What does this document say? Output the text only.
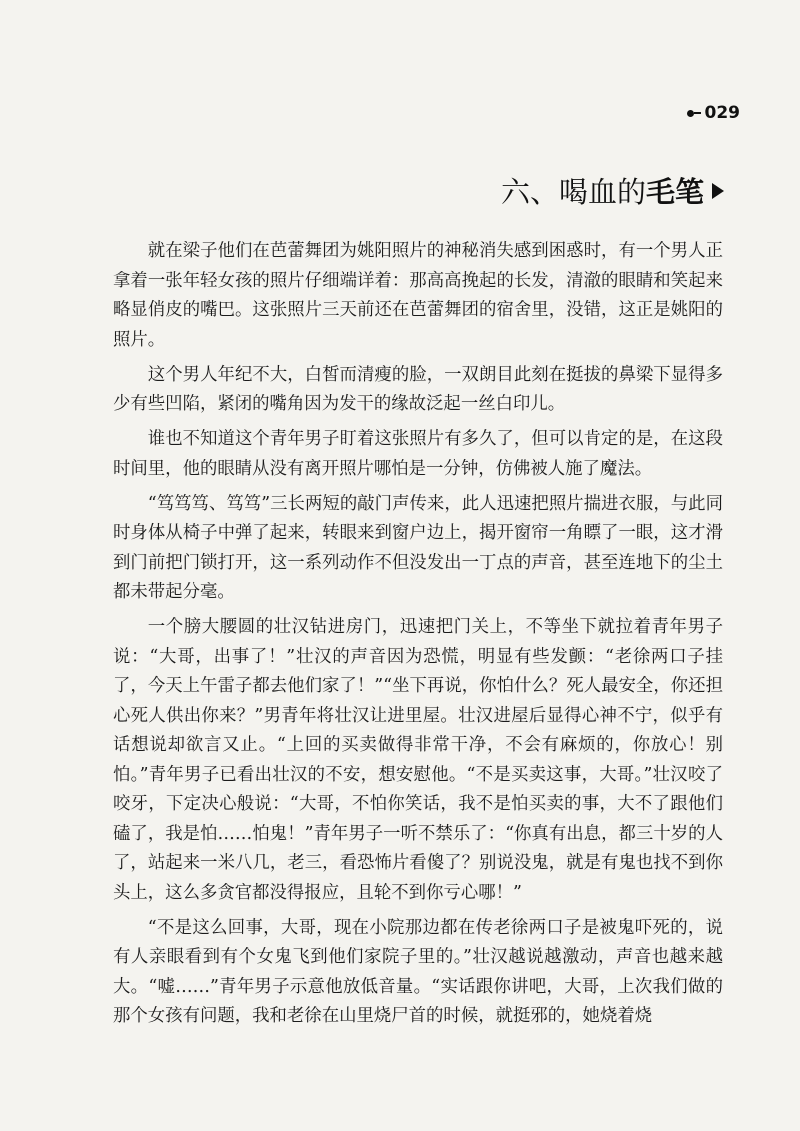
029
六、喝血的 毛笔

就在梁子他们在芭蕾舞团为姚阳照片的神秘消失感到困惑时，有一个男人正拿着一张年轻女孩的照片仔细端详着：那高高挽起的长发，清澈的眼睛和笑起来略显俏皮的嘴巴。这张照片三天前还在芭蕾舞团的宿舍里，没错，这正是姚阳的照片。

这个男人年纪不大，白皙而清瘦的脸，一双朗目此刻在挺拔的鼻梁下显得多少有些凹陷，紧闭的嘴角因为发干的缘故泛起一丝白印儿。

谁也不知道这个青年男子盯着这张照片有多久了，但可以肯定的是，在这段时间里，他的眼睛从没有离开照片哪怕是一分钟，仿佛被人施了魔法。

“笃笃笃、笃笃”三长两短的敲门声传来，此人迅速把照片揣进衣服，与此同时身体从椅子中弹了起来，转眼来到窗户边上，揭开窗帘一角瞟了一眼，这才滑到门前把门锁打开，这一系列动作不但没发出一丁点的声音，甚至连地下的尘土都未带起分毫。

一个膀大腰圆的壮汉钻进房门，迅速把门关上，不等坐下就拉着青年男子说：“大哥，出事了！”壮汉的声音因为恐慌，明显有些发颤：“老徐两口子挂了，今天上午雷子都去他们家了！”“坐下再说，你怕什么？死人最安全，你还担心死人供出你来？”男青年将壮汉让进里屋。壮汉进屋后显得心神不宁，似乎有话想说却欲言又止。“上回的买卖做得非常干净，不会有麻烦的，你放心！别怕。”青年男子已看出壮汉的不安，想安慰他。“不是买卖这事，大哥。”壮汉咬了咬牙，下定决心般说：“大哥，不怕你笑话，我不是怕买卖的事，大不了跟他们磕了，我是怕……怕鬼！”青年男子一听不禁乐了：“你真有出息，都三十岁的人了，站起来一米八几，老三，看恐怖片看傻了？别说没鬼，就是有鬼也找不到你头上，这么多贪官都没得报应，且轮不到你亏心哪！”

“不是这么回事，大哥，现在小院那边都在传老徐两口子是被鬼吓死的，说有人亲眼看到有个女鬼飞到他们家院子里的。”壮汉越说越激动，声音也越来越大。“嘘……”青年男子示意他放低音量。“实话跟你讲吧，大哥，上次我们做的那个女孩有问题，我和老徐在山里烧尸首的时候，就挺邪的，她烧着烧
